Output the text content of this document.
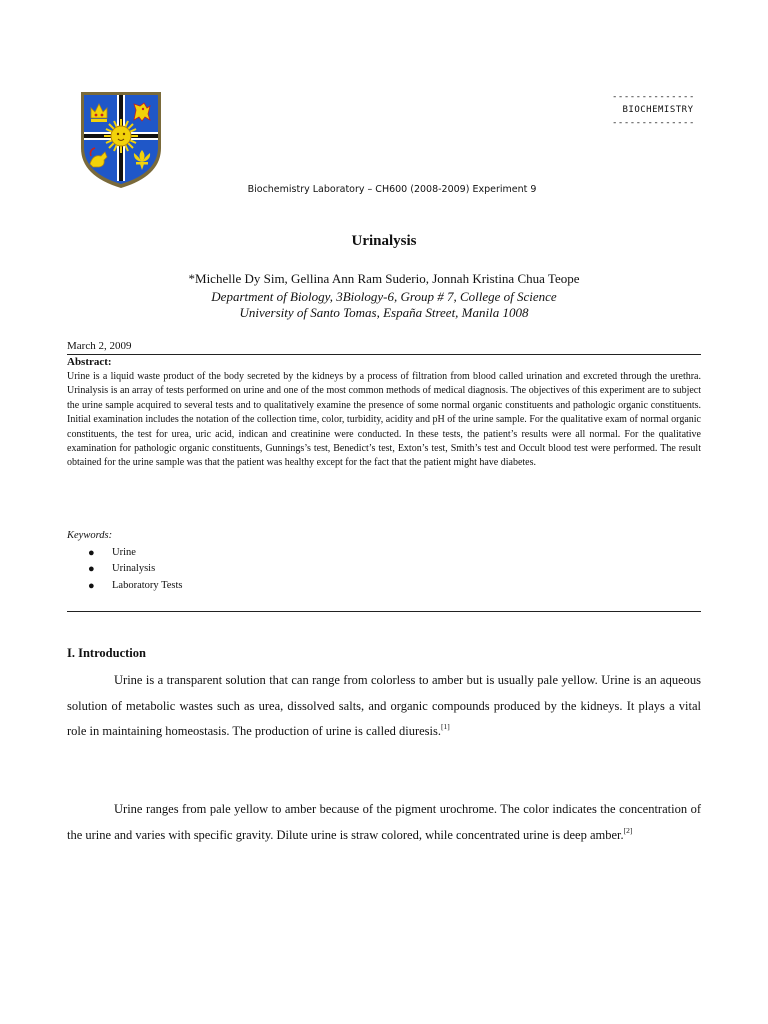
--------------
BIOCHEMISTRY
--------------
Biochemistry Laboratory – CH600 (2008-2009) Experiment 9
Urinalysis
*Michelle Dy Sim, Gellina Ann Ram Suderio, Jonnah Kristina Chua Teope
Department of Biology, 3Biology-6, Group # 7, College of Science
University of Santo Tomas, España Street, Manila 1008
March 2, 2009
Abstract:

Urine is a liquid waste product of the body secreted by the kidneys by a process of filtration from blood called urination and excreted through the urethra. Urinalysis is an array of tests performed on urine and one of the most common methods of medical diagnosis. The objectives of this experiment are to subject the urine sample acquired to several tests and to qualitatively examine the presence of some normal organic constituents and pathologic organic constituents. Initial examination includes the notation of the collection time, color, turbidity, acidity and pH of the urine sample. For the qualitative exam of normal organic constituents, the test for urea, uric acid, indican and creatinine were conducted. In these tests, the patient’s results were all normal. For the qualitative examination for pathologic organic constituents, Gunnings’s test, Benedict’s test, Exton’s test, Smith’s test and Occult blood test were performed. The result obtained for the urine sample was that the patient was healthy except for the fact that the patient might have diabetes.

Keywords:
● Urine
● Urinalysis
● Laboratory Tests
I. Introduction

Urine is a transparent solution that can range from colorless to amber but is usually pale yellow. Urine is an aqueous solution of metabolic wastes such as urea, dissolved salts, and organic compounds produced by the kidneys. It plays a vital role in maintaining homeostasis. The production of urine is called diuresis.[1]

Urine ranges from pale yellow to amber because of the pigment urochrome. The color indicates the concentration of the urine and varies with specific gravity. Dilute urine is straw colored, while concentrated urine is deep amber.[2]
